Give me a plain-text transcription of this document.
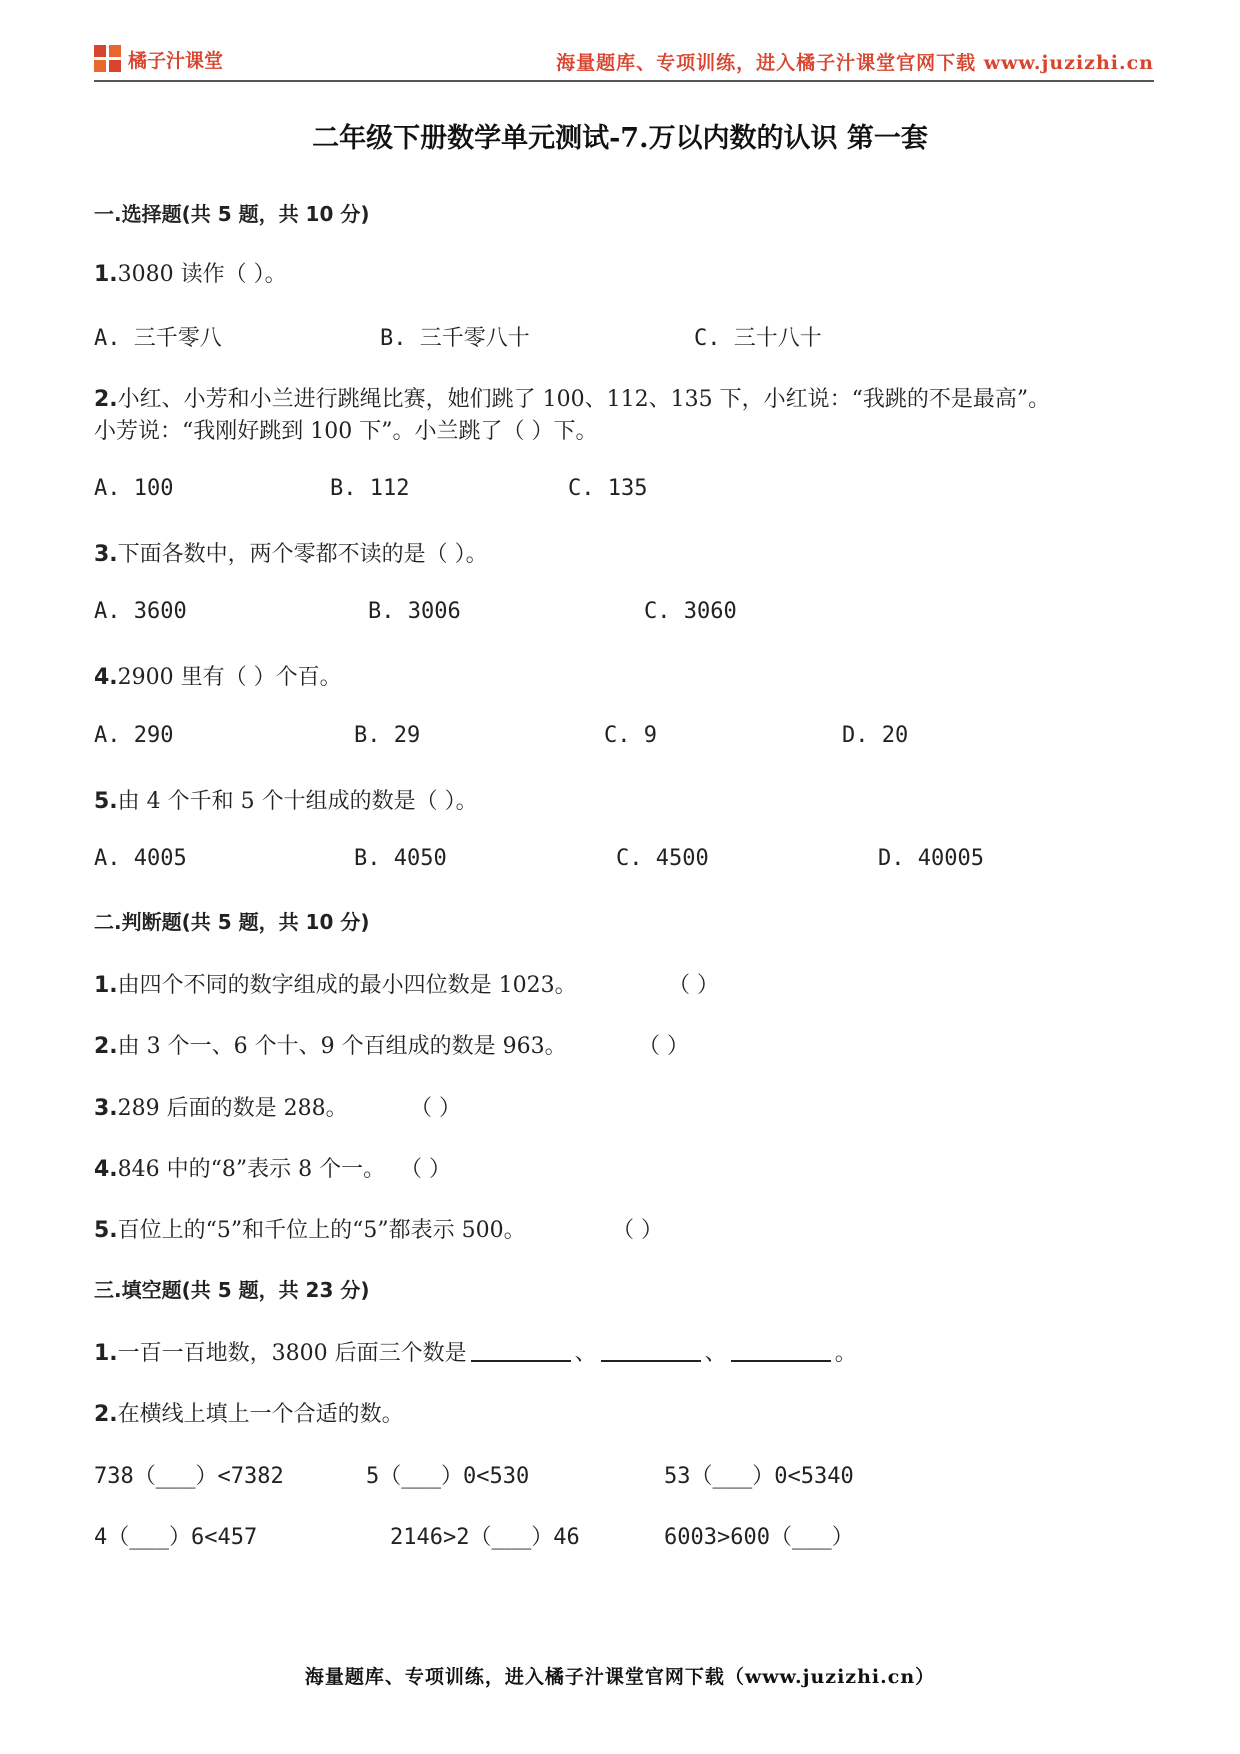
橘子汁课堂	海量题库、专项训练，进入橘子汁课堂官网下载 www.juzizhi.cn
二年级下册数学单元测试-7.万以内数的认识 第一套
一.选择题(共 5 题，共 10 分)
1.3080 读作（ ）。
A. 三千零八	B. 三千零八十	C. 三十八十
2.小红、小芳和小兰进行跳绳比赛，她们跳了 100、112、135 下，小红说：“我跳的不是最高”。
小芳说：“我刚好跳到 100 下”。小兰跳了（ ）下。
A. 100	B. 112	C. 135
3.下面各数中，两个零都不读的是（ ）。
A. 3600	B. 3006	C. 3060
4.2900 里有（ ）个百。
A. 290	B. 29	C. 9	D. 20
5.由 4 个千和 5 个十组成的数是（ ）。
A. 4005	B. 4050	C. 4500	D. 40005
二.判断题(共 5 题，共 10 分)
1.由四个不同的数字组成的最小四位数是 1023。	（ ）
2.由 3 个一、6 个十、9 个百组成的数是 963。	（ ）
3.289 后面的数是 288。	（ ）
4.846 中的“8”表示 8 个一。 （ ）
5.百位上的“5”和千位上的“5”都表示 500。	（ ）
三.填空题(共 5 题，共 23 分)
1.一百一百地数，3800 后面三个数是	、	、	。
2.在横线上填上一个合适的数。
738（___）<7382	5（___）0<530	53（___）0<5340
4（___）6<457	2146>2（___）46	6003>600（___）
海量题库、专项训练，进入橘子汁课堂官网下载（www.juzizhi.cn）
